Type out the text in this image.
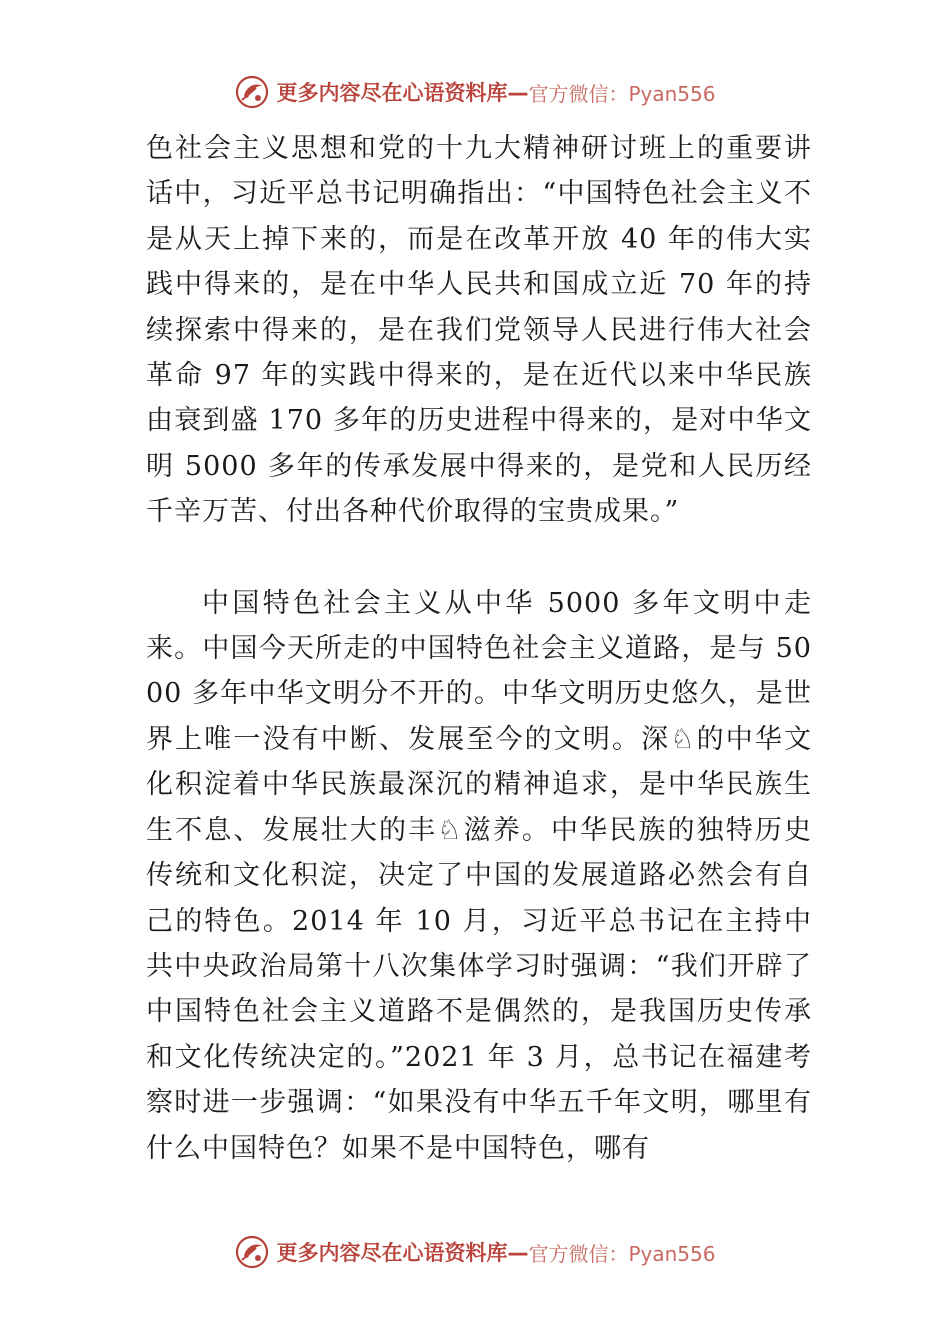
更多内容尽在心语资料库— 官方微信：Pyan556

色社会主义思想和党的十九大精神研讨班上的重要讲话中，习近平总书记明确指出：“中国特色社会主义不是从天上掉下来的，而是在改革开放 40 年的伟大实践中得来的，是在中华人民共和国成立近 70 年的持续探索中得来的，是在我们党领导人民进行伟大社会革命 97 年的实践中得来的，是在近代以来中华民族由衰到盛 170 多年的历史进程中得来的，是对中华文明 5000 多年的传承发展中得来的，是党和人民历经千辛万苦、付出各种代价取得的宝贵成果。”

中国特色社会主义从中华 5000 多年文明中走来。中国今天所走的中国特色社会主义道路，是与 5000 多年中华文明分不开的。中华文明历史悠久，是世界上唯一没有中断、发展至今的文明。深♘的中华文化积淀着中华民族最深沉的精神追求，是中华民族生生不息、发展壮大的丰♘滋养。中华民族的独特历史传统和文化积淀，决定了中国的发展道路必然会有自己的特色。2014 年 10 月，习近平总书记在主持中共中央政治局第十八次集体学习时强调：“我们开辟了中国特色社会主义道路不是偶然的，是我国历史传承和文化传统决定的。”2021 年 3 月，总书记在福建考察时进一步强调：“如果没有中华五千年文明，哪里有什么中国特色？如果不是中国特色，哪有

更多内容尽在心语资料库— 官方微信：Pyan556
